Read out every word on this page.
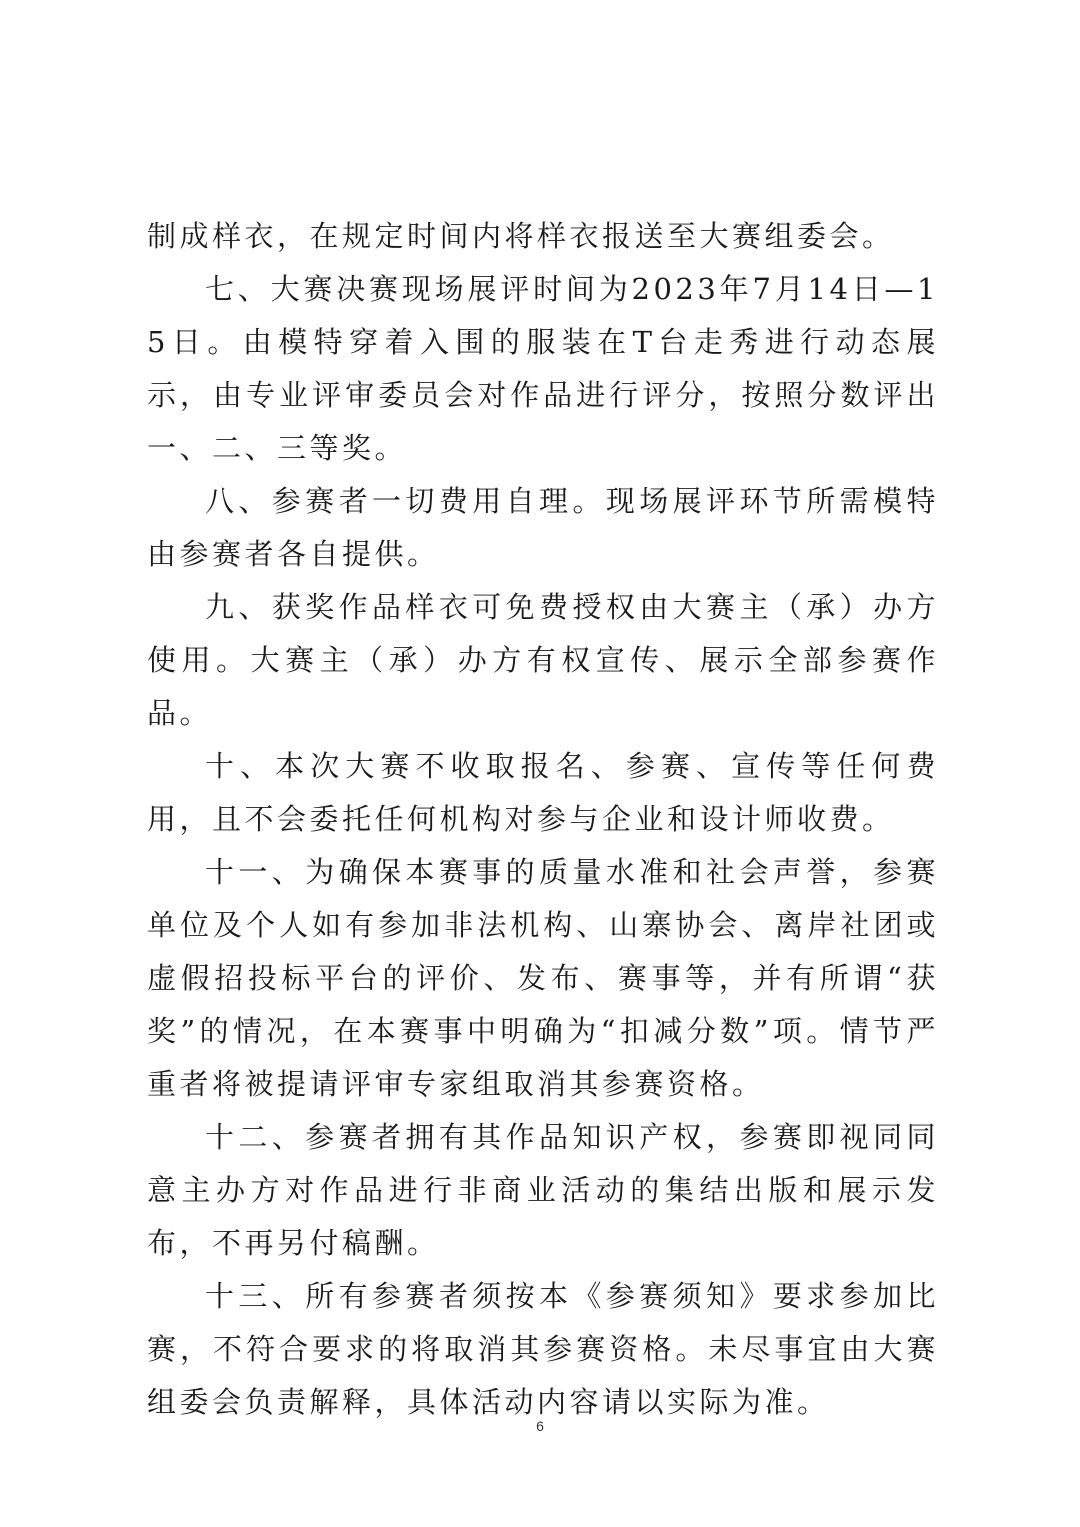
制成样衣，在规定时间内将样衣报送至大赛组委会。

七、大赛决赛现场展评时间为2023年7月14日—15日。由模特穿着入围的服装在T台走秀进行动态展示，由专业评审委员会对作品进行评分，按照分数评出一、二、三等奖。

八、参赛者一切费用自理。现场展评环节所需模特由参赛者各自提供。

九、获奖作品样衣可免费授权由大赛主（承）办方使用。大赛主（承）办方有权宣传、展示全部参赛作品。

十、本次大赛不收取报名、参赛、宣传等任何费用，且不会委托任何机构对参与企业和设计师收费。

十一、为确保本赛事的质量水准和社会声誉，参赛单位及个人如有参加非法机构、山寨协会、离岸社团或虚假招投标平台的评价、发布、赛事等，并有所谓“获奖”的情况，在本赛事中明确为“扣减分数”项。情节严重者将被提请评审专家组取消其参赛资格。

十二、参赛者拥有其作品知识产权，参赛即视同同意主办方对作品进行非商业活动的集结出版和展示发布，不再另付稿酬。

十三、所有参赛者须按本《参赛须知》要求参加比赛，不符合要求的将取消其参赛资格。未尽事宜由大赛组委会负责解释，具体活动内容请以实际为准。

6
